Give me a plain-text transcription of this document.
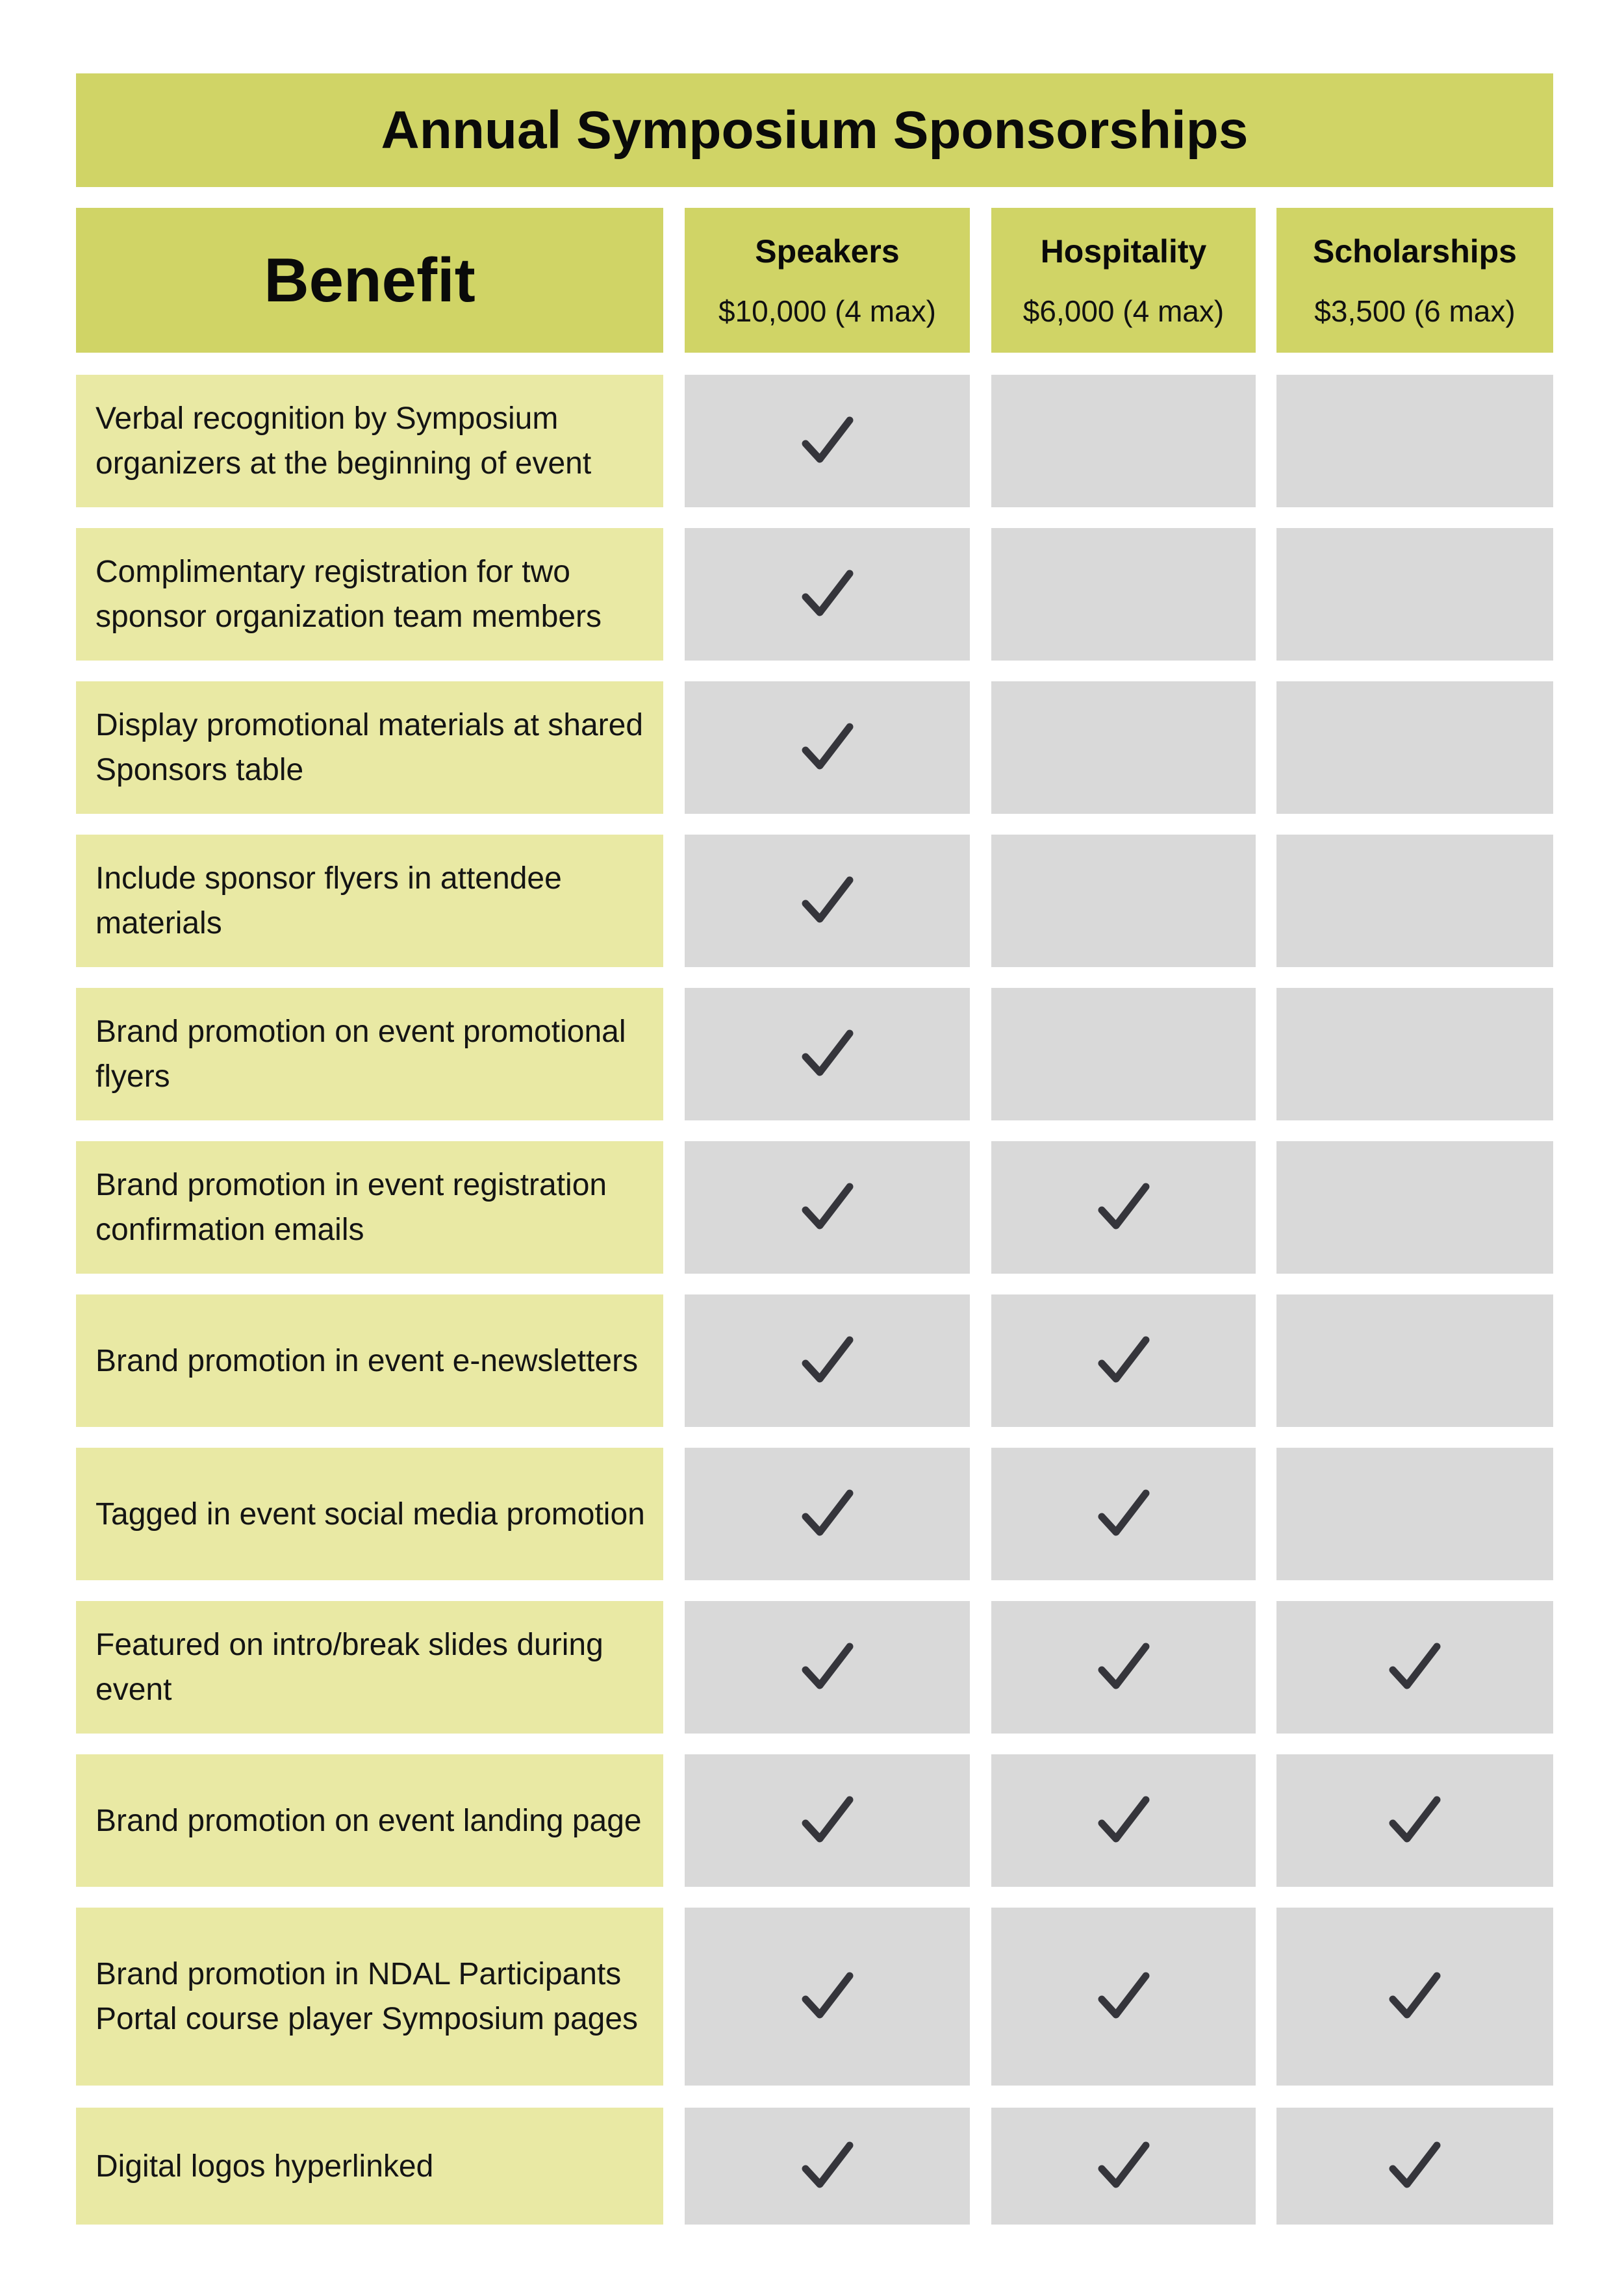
Annual Symposium Sponsorships
Benefit	Speakers
$10,000 (4 max)
Hospitality
$6,000 (4 max)
Scholarships
$3,500 (6 max)
Verbal recognition by Symposium organizers at the beginning of event
Complimentary registration for two sponsor organization team members
Display promotional materials at shared Sponsors table
Include sponsor flyers in attendee materials
Brand promotion on event promotional flyers
Brand promotion in event registration confirmation emails
Brand promotion in event e-newsletters
Tagged in event social media promotion
Featured on intro/break slides during event
Brand promotion on event landing page
Brand promotion in NDAL Participants Portal course player Symposium pages
Digital logos hyperlinked
